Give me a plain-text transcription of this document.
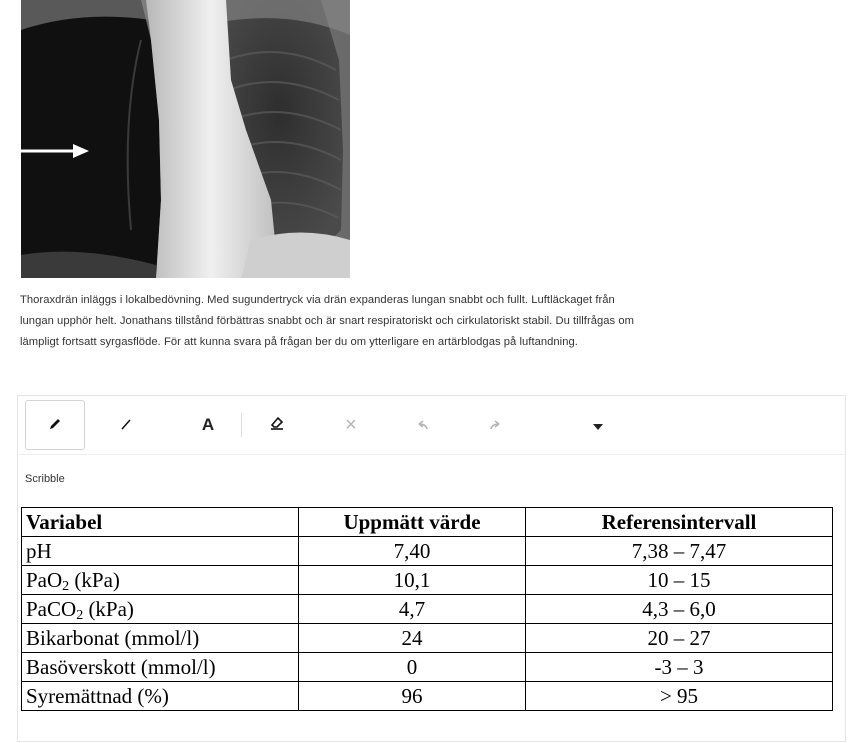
Thoraxdrän inläggs i lokalbedövning. Med sugundertryck via drän expanderas lungan snabbt och fullt. Luftläckaget från
lungan upphör helt. Jonathans tillstånd förbättras snabbt och är snart respiratoriskt och cirkulatoriskt stabil. Du tillfrågas om
lämpligt fortsatt syrgasflöde. För att kunna svara på frågan ber du om ytterligare en artärblodgas på luftandning.
A	×
Scribble
Variabel	Uppmätt värde	Referensintervall
pH	7,40	7,38 – 7,47
PaO$_2$ (kPa)	10,1	10 – 15
PaCO$_2$ (kPa)	4,7	4,3 – 6,0
Bikarbonat (mmol/l)	24	20 – 27
Basöverskott (mmol/l)	0	-3 – 3
Syremättnad (%)	96	> 95
